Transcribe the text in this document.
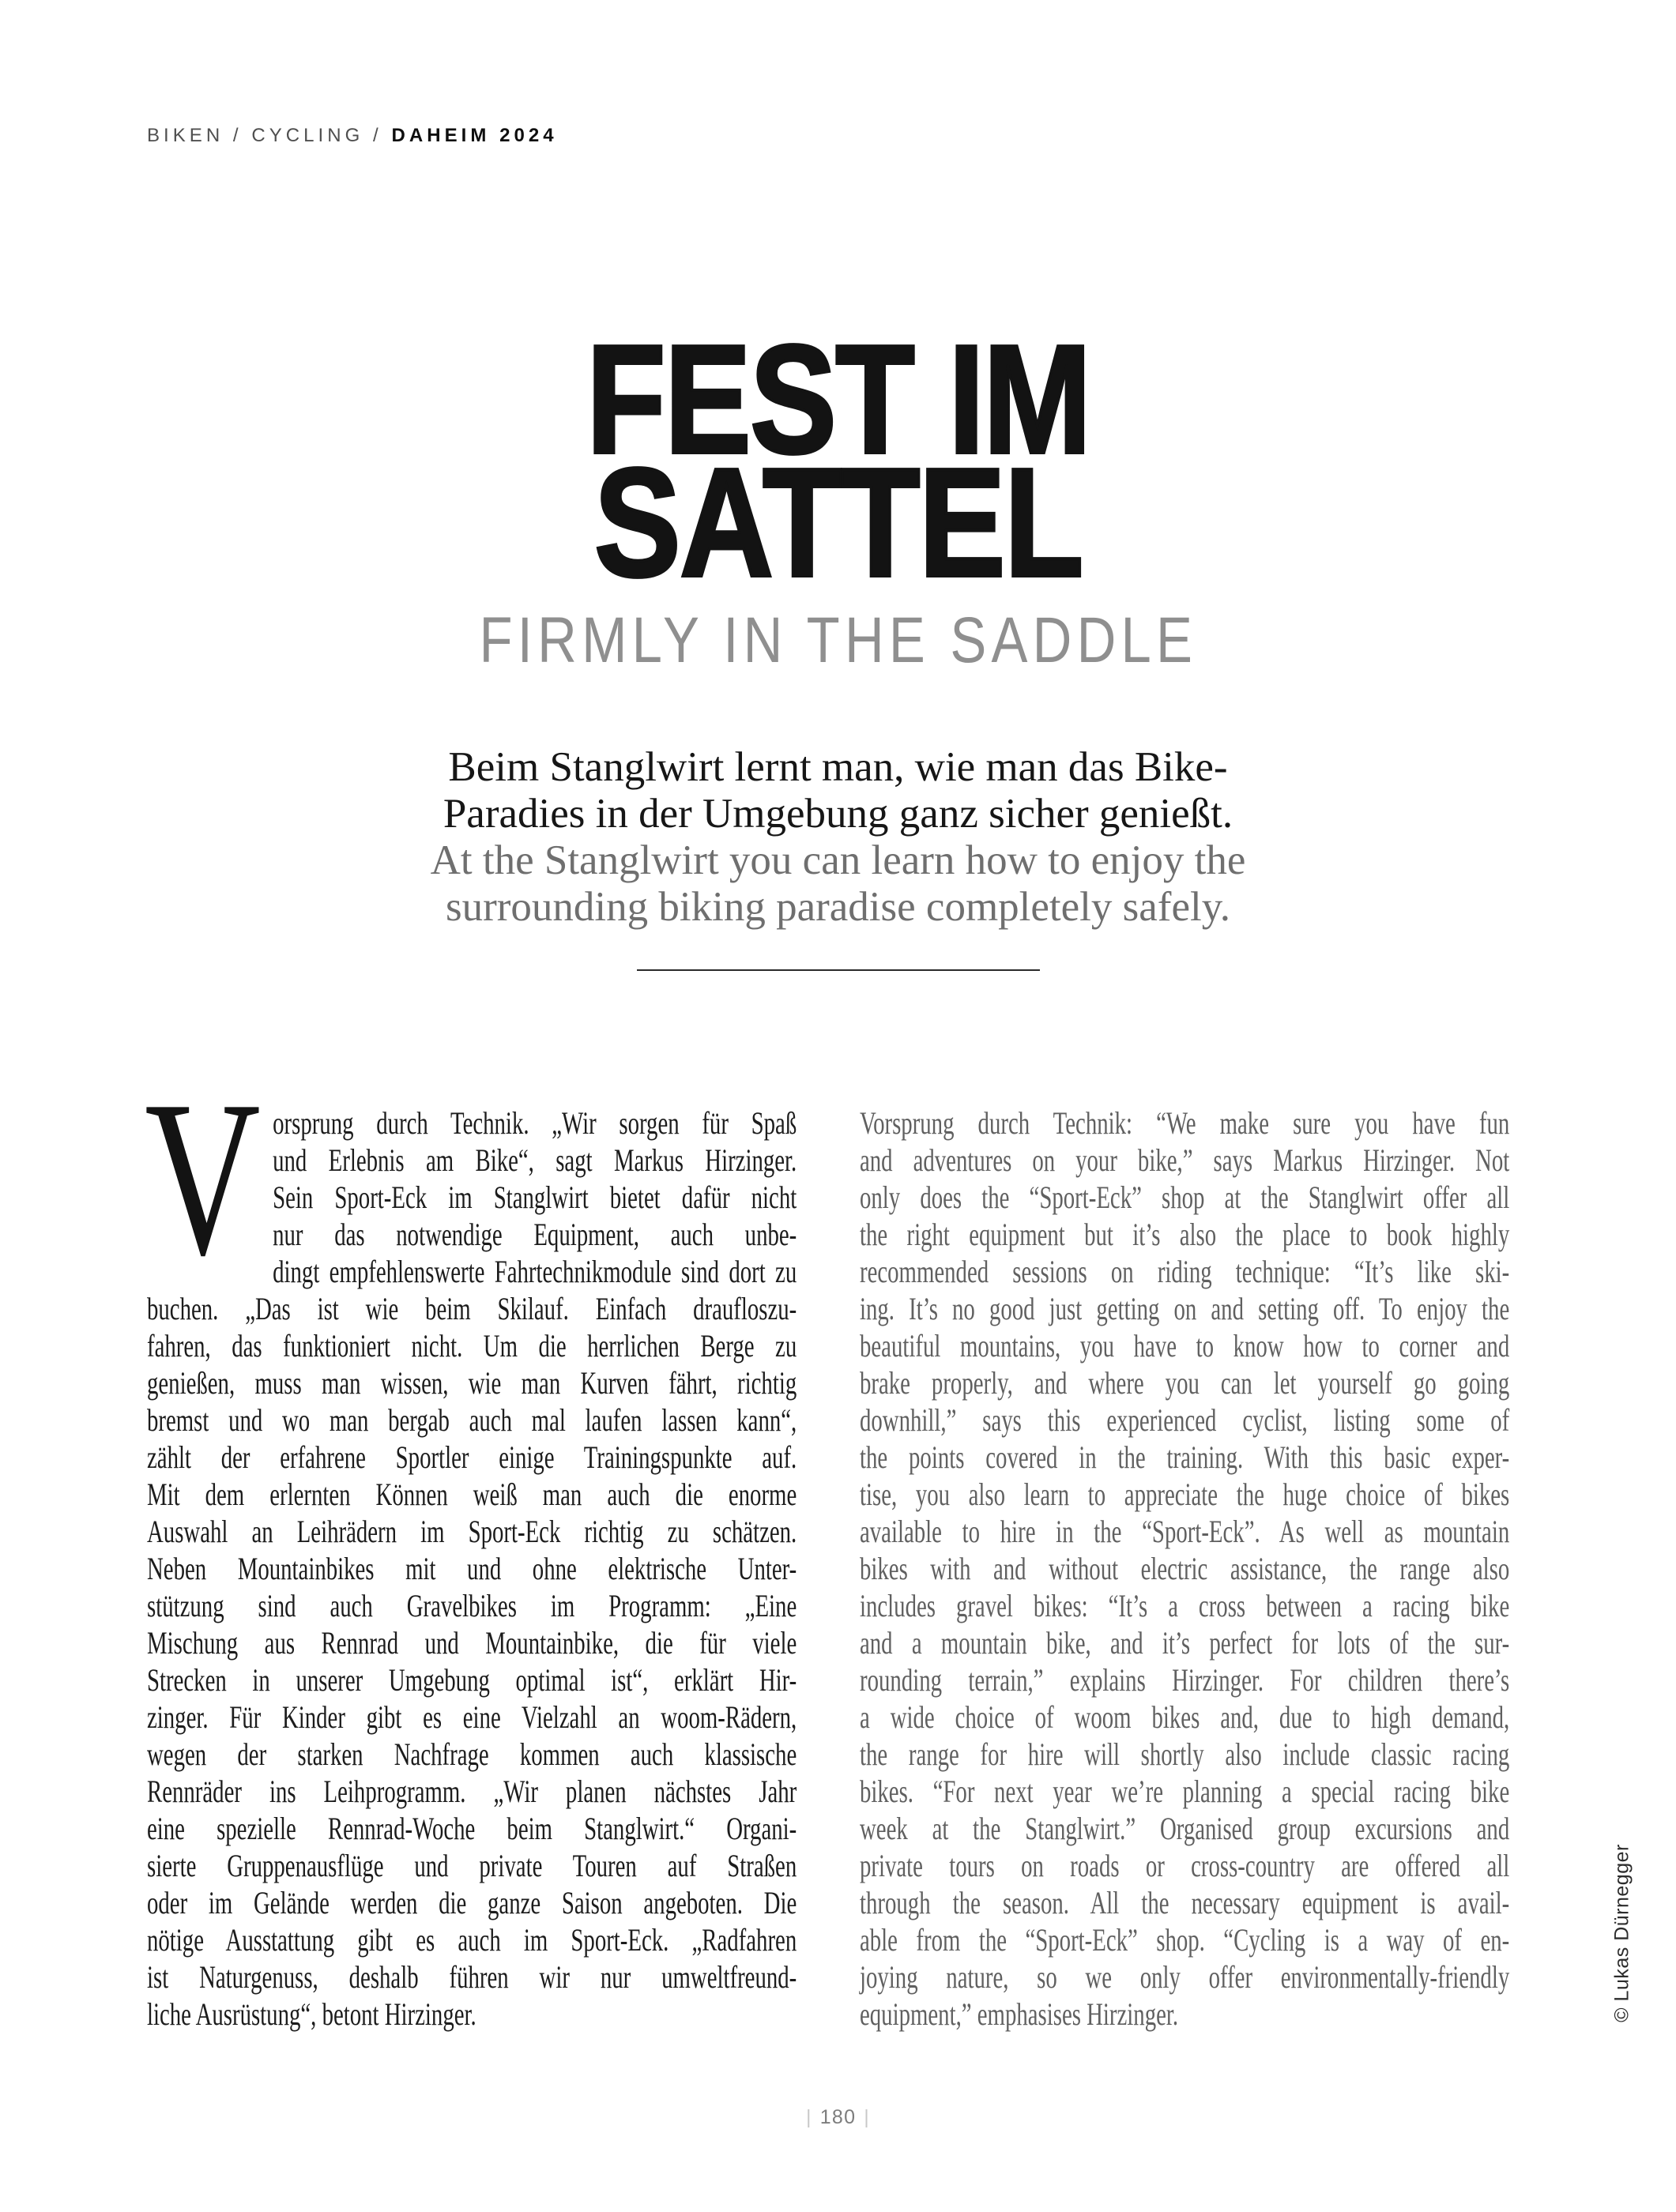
BIKEN / CYCLING / DAHEIM 2024
FEST IM
SATTEL
FIRMLY IN THE SADDLE
Beim Stanglwirt lernt man, wie man das Bike-
Paradies in der Umgebung ganz sicher genießt.
At the Stanglwirt you can learn how to enjoy the
surrounding biking paradise completely safely.
V orsprung durch Technik. „Wir sorgen für Spaß
und Erlebnis am Bike“, sagt Markus Hirzinger.
Sein Sport-Eck im Stanglwirt bietet dafür nicht
nur das notwendige Equipment, auch unbe-
dingt empfehlenswerte Fahrtechnikmodule sind dort zu
buchen. „Das ist wie beim Skilauf. Einfach draufloszu-
fahren, das funktioniert nicht. Um die herrlichen Berge zu
genießen, muss man wissen, wie man Kurven fährt, richtig
bremst und wo man bergab auch mal laufen lassen kann“,
zählt der erfahrene Sportler einige Trainingspunkte auf.
Mit dem erlernten Können weiß man auch die enorme
Auswahl an Leihrädern im Sport-Eck richtig zu schätzen.
Neben Mountainbikes mit und ohne elektrische Unter-
stützung sind auch Gravelbikes im Programm: „Eine
Mischung aus Rennrad und Mountainbike, die für viele
Strecken in unserer Umgebung optimal ist“, erklärt Hir-
zinger. Für Kinder gibt es eine Vielzahl an woom-Rädern,
wegen der starken Nachfrage kommen auch klassische
Rennräder ins Leihprogramm. „Wir planen nächstes Jahr
eine spezielle Rennrad-Woche beim Stanglwirt.“ Organi-
sierte Gruppenausflüge und private Touren auf Straßen
oder im Gelände werden die ganze Saison angeboten. Die
nötige Ausstattung gibt es auch im Sport-Eck. „Radfahren
ist Naturgenuss, deshalb führen wir nur umweltfreund-
liche Ausrüstung“, betont Hirzinger.
Vorsprung durch Technik: “We make sure you have fun
and adventures on your bike,” says Markus Hirzinger. Not
only does the “Sport-Eck” shop at the Stanglwirt offer all
the right equipment but it’s also the place to book highly
recommended sessions on riding technique: “It’s like ski-
ing. It’s no good just getting on and setting off. To enjoy the
beautiful mountains, you have to know how to corner and
brake properly, and where you can let yourself go going
downhill,” says this experienced cyclist, listing some of
the points covered in the training. With this basic exper-
tise, you also learn to appreciate the huge choice of bikes
available to hire in the “Sport-Eck”. As well as mountain
bikes with and without electric assistance, the range also
includes gravel bikes: “It’s a cross between a racing bike
and a mountain bike, and it’s perfect for lots of the sur-
rounding terrain,” explains Hirzinger. For children there’s
a wide choice of woom bikes and, due to high demand,
the range for hire will shortly also include classic racing
bikes. “For next year we’re planning a special racing bike
week at the Stanglwirt.” Organised group excursions and
private tours on roads or cross-country are offered all
through the season. All the necessary equipment is avail-
able from the “Sport-Eck” shop. “Cycling is a way of en-
joying nature, so we only offer environmentally-friendly
equipment,” emphasises Hirzinger.	© Lukas Dürnegger
| 180 |
